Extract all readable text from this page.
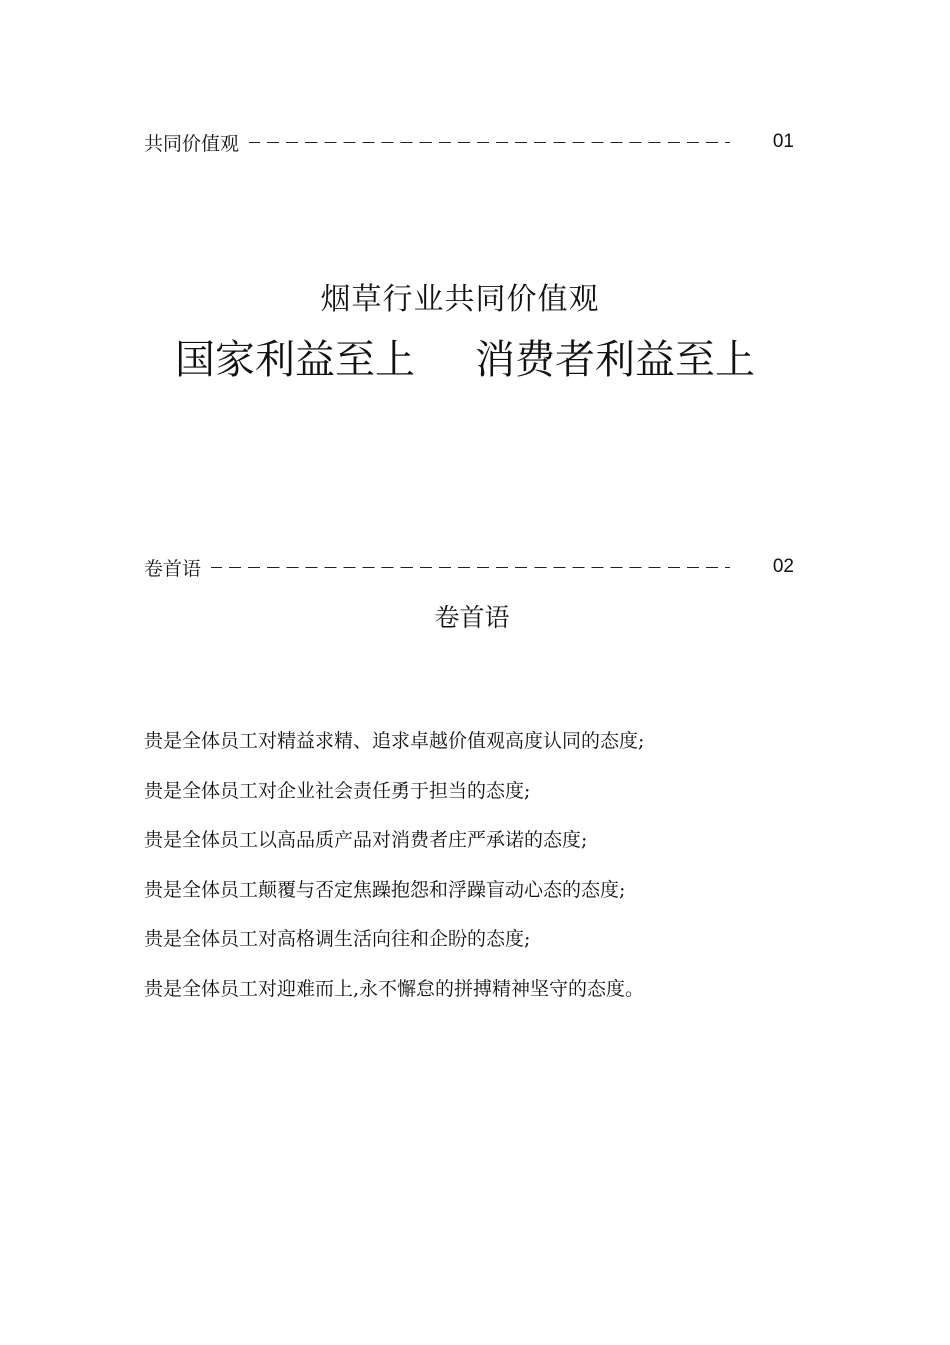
共同价值观	01
烟草行业共同价值观
国家利益至上 消费者利益至上
卷首语	02
卷首语
贵是全体员工对精益求精、追求卓越价值观高度认同的态度;
贵是全体员工对企业社会责任勇于担当的态度;
贵是全体员工以高品质产品对消费者庄严承诺的态度;
贵是全体员工颠覆与否定焦躁抱怨和浮躁盲动心态的态度;
贵是全体员工对高格调生活向往和企盼的态度;
贵是全体员工对迎难而上,永不懈怠的拼搏精神坚守的态度。
